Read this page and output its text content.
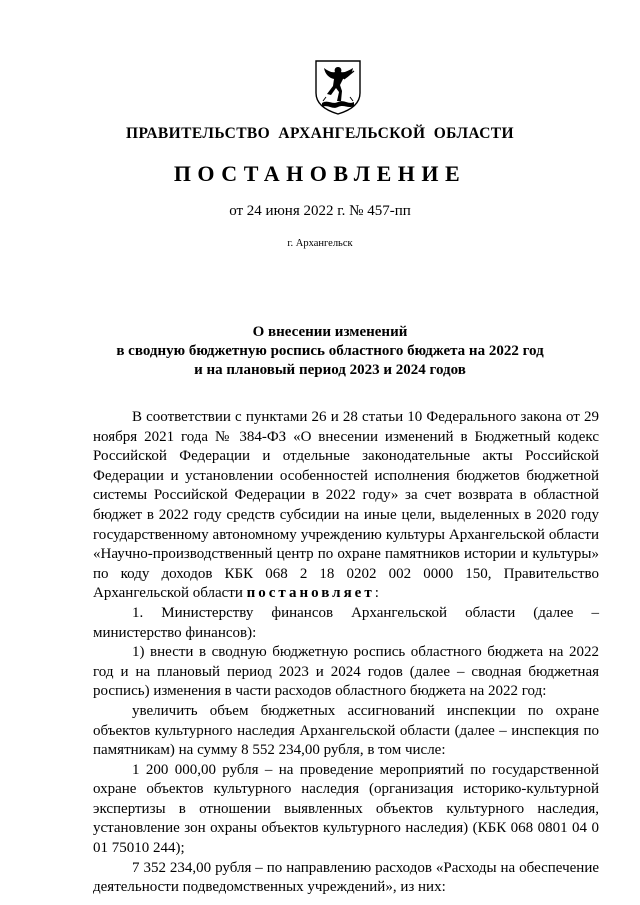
ПРАВИТЕЛЬСТВО АРХАНГЕЛЬСКОЙ ОБЛАСТИ
ПОСТАНОВЛЕНИЕ
от 24 июня 2022 г. № 457-пп
г. Архангельск
О внесении изменений
в сводную бюджетную роспись областного бюджета на 2022 год
и на плановый период 2023 и 2024 годов

В соответствии с пунктами 26 и 28 статьи 10 Федерального закона от 29 ноября 2021 года № 384-ФЗ «О внесении изменений в Бюджетный кодекс Российской Федерации и отдельные законодательные акты Российской Федерации и установлении особенностей исполнения бюджетов бюджетной системы Российской Федерации в 2022 году» за счет возврата в областной бюджет в 2022 году средств субсидии на иные цели, выделенных в 2020 году государственному автономному учреждению культуры Архангельской области «Научно-производственный центр по охране памятников истории и культуры» по коду доходов КБК 068 2 18 0202 002 0000 150, Правительство Архангельской области постановляет:

1. Министерству финансов Архангельской области (далее – министерство финансов):

1) внести в сводную бюджетную роспись областного бюджета на 2022 год и на плановый период 2023 и 2024 годов (далее – сводная бюджетная роспись) изменения в части расходов областного бюджета на 2022 год:

увеличить объем бюджетных ассигнований инспекции по охране объектов культурного наследия Архангельской области (далее – инспекция по памятникам) на сумму 8 552 234,00 рубля, в том числе:

1 200 000,00 рубля – на проведение мероприятий по государственной охране объектов культурного наследия (организация историко-культурной экспертизы в отношении выявленных объектов культурного наследия, установление зон охраны объектов культурного наследия) (КБК 068 0801 04 0 01 75010 244);

7 352 234,00 рубля – по направлению расходов «Расходы на обеспечение деятельности подведомственных учреждений», из них:
